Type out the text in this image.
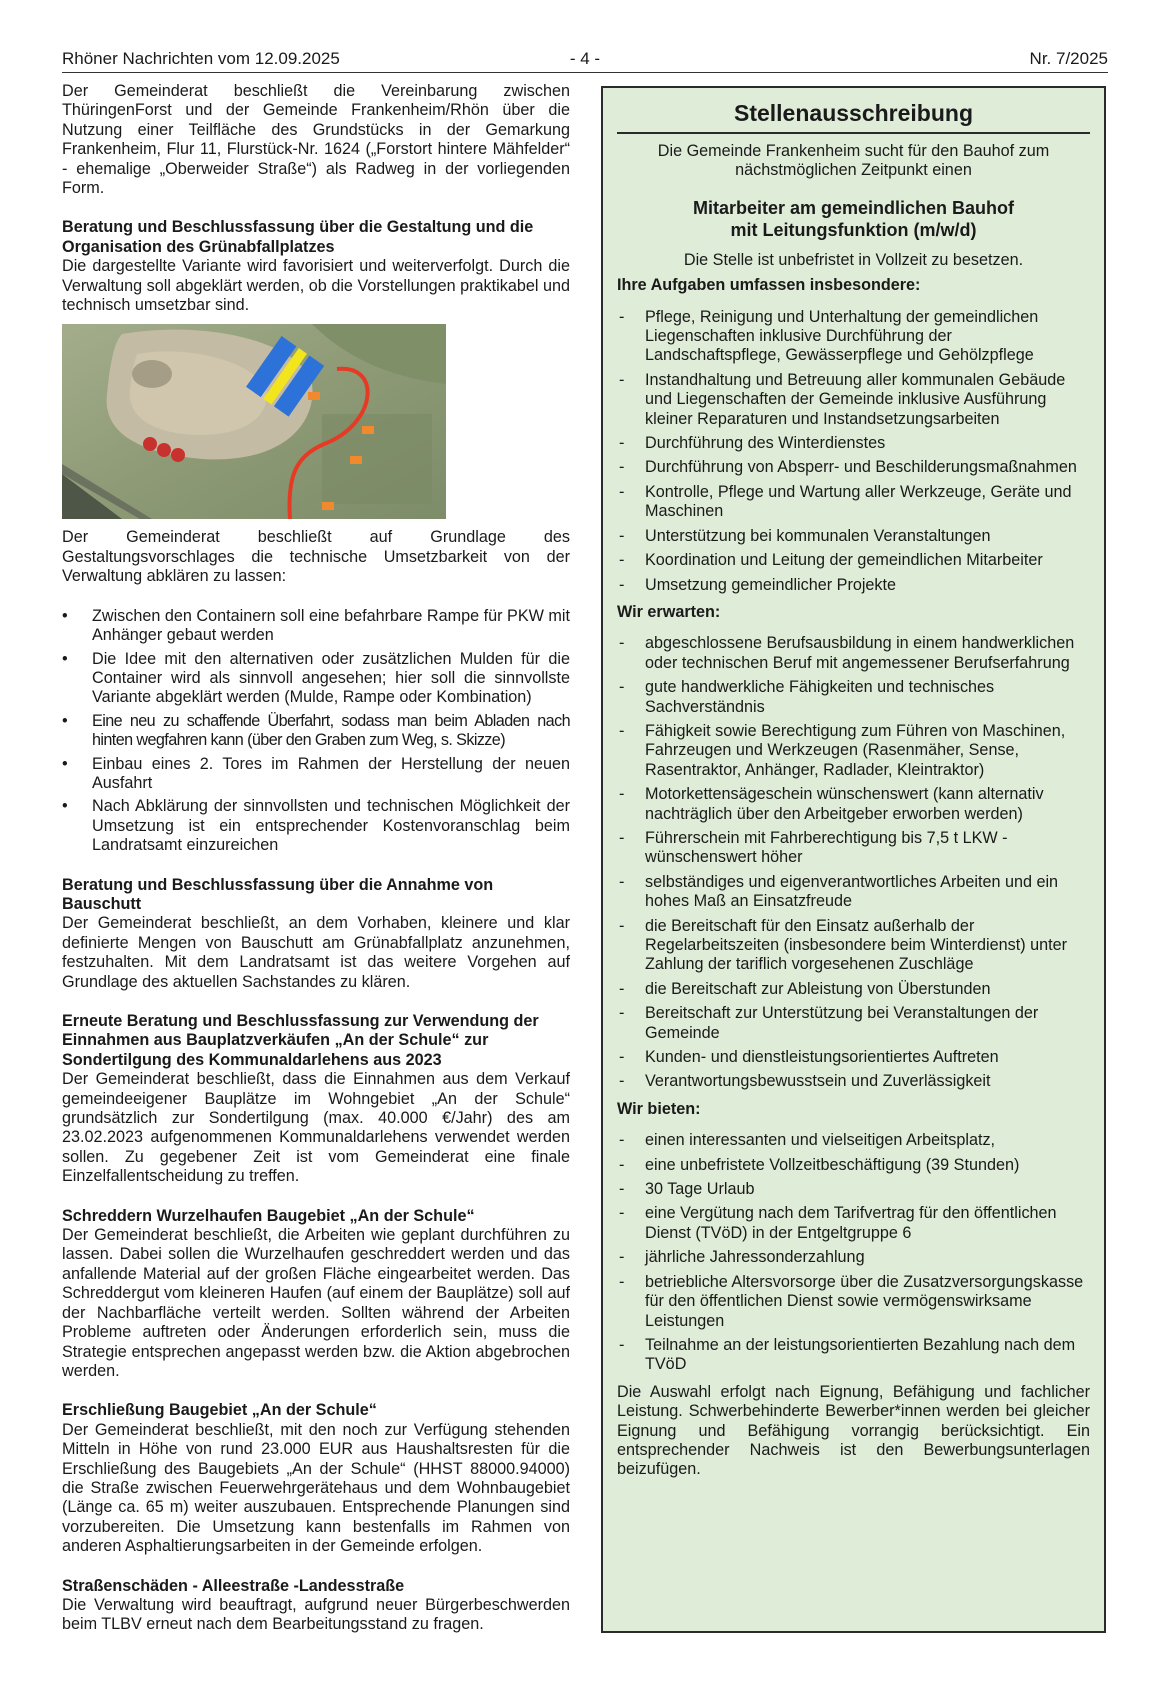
Rhöner Nachrichten vom 12.09.2025	- 4 -	Nr. 7/2025

Der Gemeinderat beschließt die Vereinbarung zwischen ThüringenForst und der Gemeinde Frankenheim/Rhön über die Nutzung einer Teilfläche des Grundstücks in der Gemarkung Frankenheim, Flur 11, Flurstück-Nr. 1624 („Forstort hintere Mähfelder“ - ehemalige „Oberweider Straße“) als Radweg in der vorliegenden Form.

Beratung und Beschlussfassung über die Gestaltung und die Organisation des Grünabfallplatzes

Die dargestellte Variante wird favorisiert und weiterverfolgt. Durch die Verwaltung soll abgeklärt werden, ob die Vorstellungen praktikabel und technisch umsetzbar sind.

Der Gemeinderat beschließt auf Grundlage des Gestaltungsvorschlages die technische Umsetzbarkeit von der Verwaltung abklären zu lassen:

• Zwischen den Containern soll eine befahrbare Rampe für PKW mit Anhänger gebaut werden
• Die Idee mit den alternativen oder zusätzlichen Mulden für die Container wird als sinnvoll angesehen; hier soll die sinnvollste Variante abgeklärt werden (Mulde, Rampe oder Kombination)
• Eine neu zu schaffende Überfahrt, sodass man beim Abladen nach hinten wegfahren kann (über den Graben zum Weg, s. Skizze)
• Einbau eines 2. Tores im Rahmen der Herstellung der neuen Ausfahrt
• Nach Abklärung der sinnvollsten und technischen Möglichkeit der Umsetzung ist ein entsprechender Kostenvoranschlag beim Landratsamt einzureichen
Beratung und Beschlussfassung über die Annahme von Bauschutt

Der Gemeinderat beschließt, an dem Vorhaben, kleinere und klar definierte Mengen von Bauschutt am Grünabfallplatz anzunehmen, festzuhalten. Mit dem Landratsamt ist das weitere Vorgehen auf Grundlage des aktuellen Sachstandes zu klären.

Erneute Beratung und Beschlussfassung zur Verwendung der Einnahmen aus Bauplatzverkäufen „An der Schule“ zur Sondertilgung des Kommunaldarlehens aus 2023

Der Gemeinderat beschließt, dass die Einnahmen aus dem Verkauf gemeindeeigener Bauplätze im Wohngebiet „An der Schule“ grundsätzlich zur Sondertilgung (max. 40.000 €/Jahr) des am 23.02.2023 aufgenommenen Kommunaldarlehens verwendet werden sollen. Zu gegebener Zeit ist vom Gemeinderat eine finale Einzelfallentscheidung zu treffen.

Schreddern Wurzelhaufen Baugebiet „An der Schule“

Der Gemeinderat beschließt, die Arbeiten wie geplant durchführen zu lassen. Dabei sollen die Wurzelhaufen geschreddert werden und das anfallende Material auf der großen Fläche eingearbeitet werden. Das Schreddergut vom kleineren Haufen (auf einem der Bauplätze) soll auf der Nachbarfläche verteilt werden. Sollten während der Arbeiten Probleme auftreten oder Änderungen erforderlich sein, muss die Strategie entsprechen angepasst werden bzw. die Aktion abgebrochen werden.

Erschließung Baugebiet „An der Schule“

Der Gemeinderat beschließt, mit den noch zur Verfügung stehenden Mitteln in Höhe von rund 23.000 EUR aus Haushaltsresten für die Erschließung des Baugebiets „An der Schule“ (HHST 88000.94000) die Straße zwischen Feuerwehrgerätehaus und dem Wohnbaugebiet (Länge ca. 65 m) weiter auszubauen. Entsprechende Planungen sind vorzubereiten. Die Umsetzung kann bestenfalls im Rahmen von anderen Asphaltierungsarbeiten in der Gemeinde erfolgen.

Straßenschäden - Alleestraße -Landesstraße

Die Verwaltung wird beauftragt, aufgrund neuer Bürgerbeschwerden beim TLBV erneut nach dem Bearbeitungsstand zu fragen.

Stellenausschreibung
Die Gemeinde Frankenheim sucht für den Bauhof zum nächstmöglichen Zeitpunkt einen
Mitarbeiter am gemeindlichen Bauhof
mit Leitungsfunktion (m/w/d)
Die Stelle ist unbefristet in Vollzeit zu besetzen.
Ihre Aufgaben umfassen insbesondere:
- Pflege, Reinigung und Unterhaltung der gemeindlichen Liegenschaften inklusive Durchführung der Landschaftspflege, Gewässerpflege und Gehölzpflege
- Instandhaltung und Betreuung aller kommunalen Gebäude und Liegenschaften der Gemeinde inklusive Ausführung kleiner Reparaturen und Instandsetzungsarbeiten
- Durchführung des Winterdienstes
- Durchführung von Absperr- und Beschilderungsmaßnahmen
- Kontrolle, Pflege und Wartung aller Werkzeuge, Geräte und Maschinen
- Unterstützung bei kommunalen Veranstaltungen
- Koordination und Leitung der gemeindlichen Mitarbeiter
- Umsetzung gemeindlicher Projekte
Wir erwarten:
- abgeschlossene Berufsausbildung in einem handwerklichen oder technischen Beruf mit angemessener Berufserfahrung
- gute handwerkliche Fähigkeiten und technisches Sachverständnis
- Fähigkeit sowie Berechtigung zum Führen von Maschinen, Fahrzeugen und Werkzeugen (Rasenmäher, Sense, Rasentraktor, Anhänger, Radlader, Kleintraktor)
- Motorkettensägeschein wünschenswert (kann alternativ nachträglich über den Arbeitgeber erworben werden)
- Führerschein mit Fahrberechtigung bis 7,5 t LKW - wünschenswert höher
- selbständiges und eigenverantwortliches Arbeiten und ein hohes Maß an Einsatzfreude
- die Bereitschaft für den Einsatz außerhalb der Regelarbeitszeiten (insbesondere beim Winterdienst) unter Zahlung der tariflich vorgesehenen Zuschläge
- die Bereitschaft zur Ableistung von Überstunden
- Bereitschaft zur Unterstützung bei Veranstaltungen der Gemeinde
- Kunden- und dienstleistungsorientiertes Auftreten
- Verantwortungsbewusstsein und Zuverlässigkeit
Wir bieten:
- einen interessanten und vielseitigen Arbeitsplatz,
- eine unbefristete Vollzeitbeschäftigung (39 Stunden)
- 30 Tage Urlaub
- eine Vergütung nach dem Tarifvertrag für den öffentlichen Dienst (TVöD) in der Entgeltgruppe 6
- jährliche Jahressonderzahlung
- betriebliche Altersvorsorge über die Zusatzversorgungskasse für den öffentlichen Dienst sowie vermögenswirksame Leistungen
- Teilnahme an der leistungsorientierten Bezahlung nach dem TVöD

Die Auswahl erfolgt nach Eignung, Befähigung und fachlicher Leistung. Schwerbehinderte Bewerber*innen werden bei gleicher Eignung und Befähigung vorrangig berücksichtigt. Ein entsprechender Nachweis ist den Bewerbungsunterlagen beizufügen.
